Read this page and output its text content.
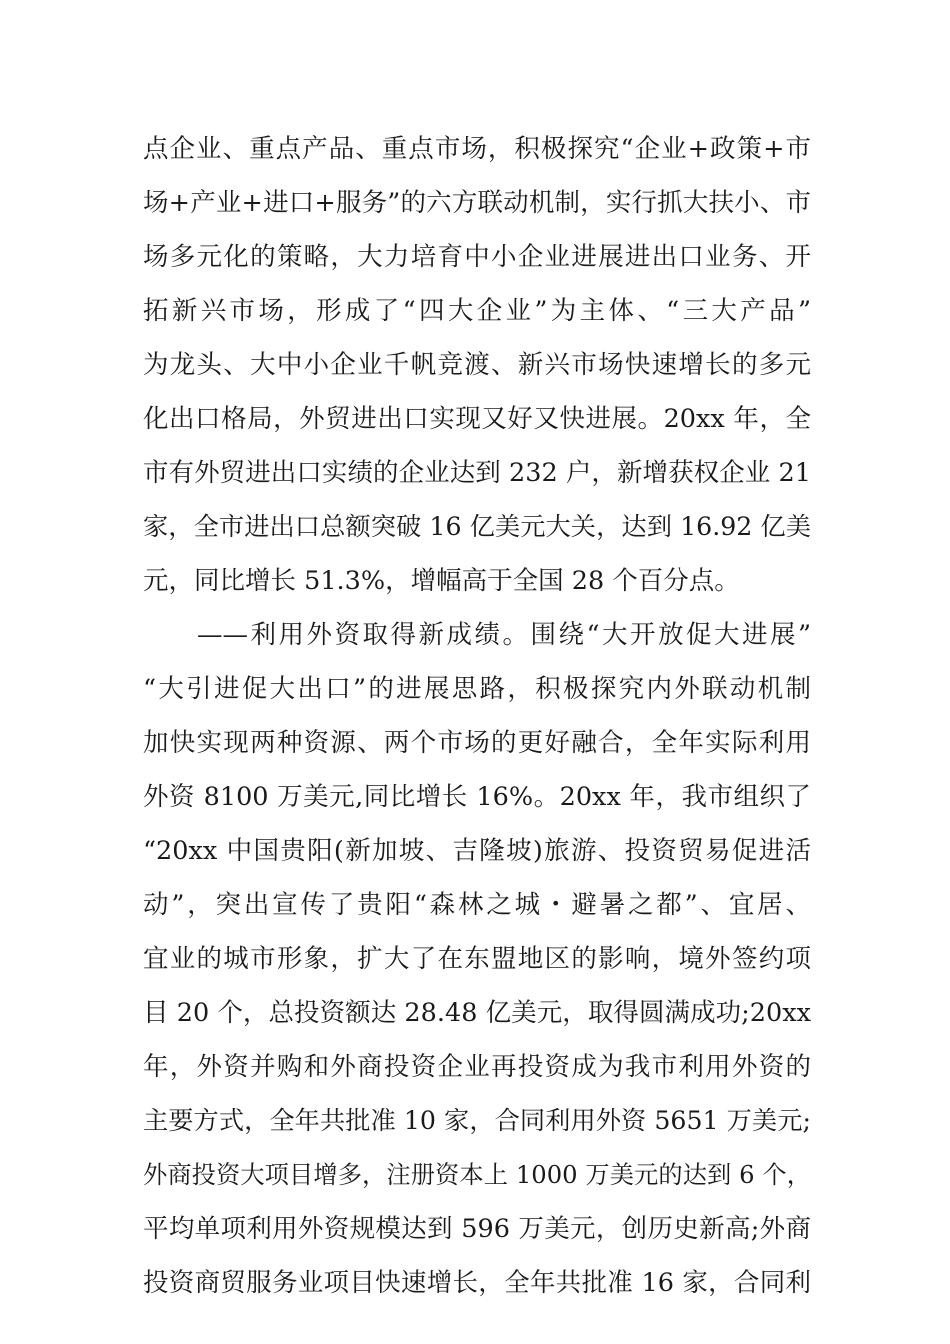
点企业、重点产品、重点市场，积极探究“企业+政策+市
场+产业+进口+服务”的六方联动机制，实行抓大扶小、市
场多元化的策略，大力培育中小企业进展进出口业务、开
拓新兴市场，形成了“四大企业”为主体、“三大产品”
为龙头、大中小企业千帆竞渡、新兴市场快速增长的多元
化出口格局，外贸进出口实现又好又快进展。20xx 年，全
市有外贸进出口实绩的企业达到 232 户，新增获权企业 21
家，全市进出口总额突破 16 亿美元大关，达到 16.92 亿美
元，同比增长 51.3%，增幅高于全国 28 个百分点。
——利用外资取得新成绩。围绕“大开放促大进展”
“大引进促大出口”的进展思路，积极探究内外联动机制
加快实现两种资源、两个市场的更好融合，全年实际利用
外资 8100 万美元,同比增长 16%。20xx 年，我市组织了
“20xx 中国贵阳(新加坡、吉隆坡)旅游、投资贸易促进活
动”，突出宣传了贵阳“森林之城・避暑之都”、宜居、
宜业的城市形象，扩大了在东盟地区的影响，境外签约项
目 20 个，总投资额达 28.48 亿美元，取得圆满成功;20xx
年，外资并购和外商投资企业再投资成为我市利用外资的
主要方式，全年共批准 10 家，合同利用外资 5651 万美元;
外商投资大项目增多，注册资本上 1000 万美元的达到 6 个，
平均单项利用外资规模达到 596 万美元，创历史新高;外商
投资商贸服务业项目快速增长，全年共批准 16 家，合同利
